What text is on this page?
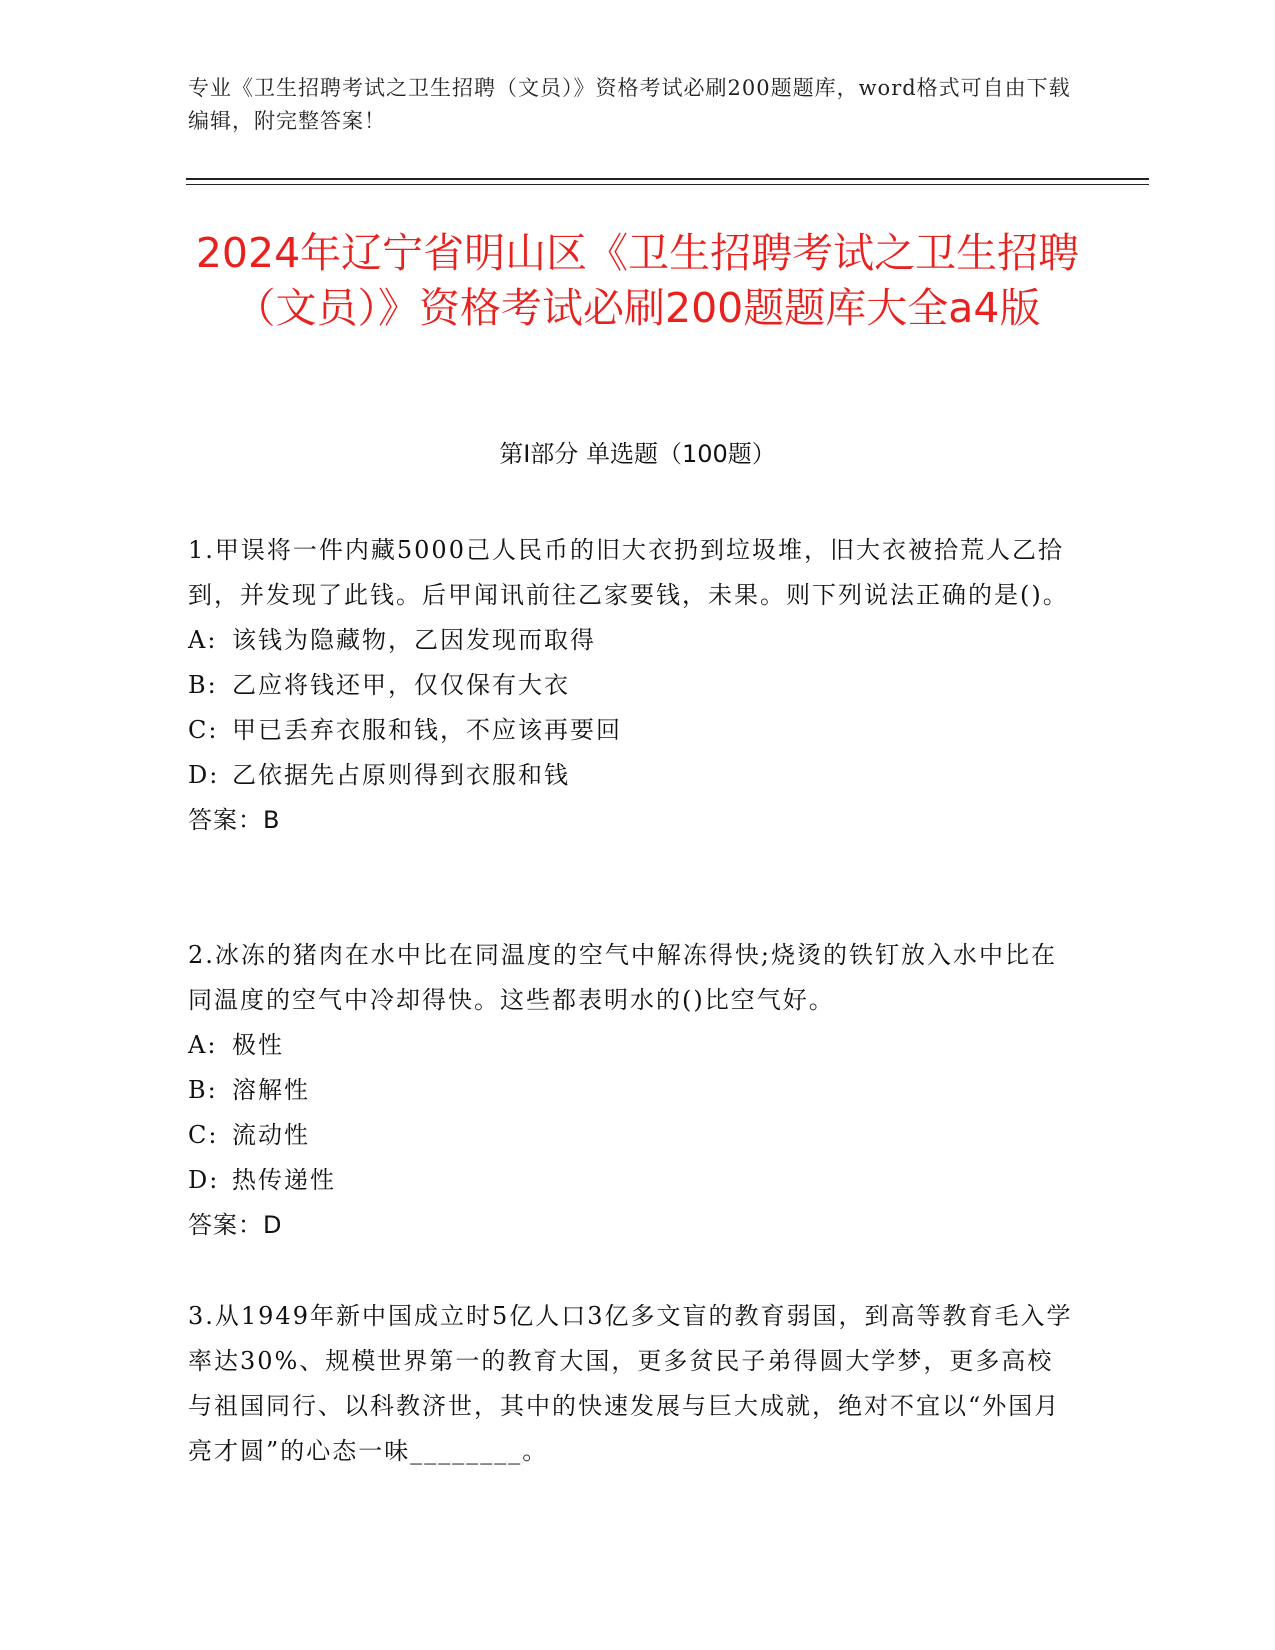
专业《卫生招聘考试之卫生招聘（文员）》资格考试必刷200题题库，word格式可自由下载编辑，附完整答案！
2024年辽宁省明山区《卫生招聘考试之卫生招聘（文员）》资格考试必刷200题题库大全a4版
第Ⅰ部分 单选题（100题）
1.甲误将一件内藏5000己人民币的旧大衣扔到垃圾堆，旧大衣被拾荒人乙拾到，并发现了此钱。后甲闻讯前往乙家要钱，未果。则下列说法正确的是()。
A: 该钱为隐藏物，乙因发现而取得
B: 乙应将钱还甲，仅仅保有大衣
C: 甲已丢弃衣服和钱，不应该再要回
D: 乙依据先占原则得到衣服和钱
答案：B
2.冰冻的猪肉在水中比在同温度的空气中解冻得快;烧烫的铁钉放入水中比在同温度的空气中冷却得快。这些都表明水的()比空气好。
A: 极性
B: 溶解性
C: 流动性
D: 热传递性
答案：D
3.从1949年新中国成立时5亿人口3亿多文盲的教育弱国，到高等教育毛入学率达30%、规模世界第一的教育大国，更多贫民子弟得圆大学梦，更多高校与祖国同行、以科教济世，其中的快速发展与巨大成就，绝对不宜以“外国月亮才圆”的心态一味________。
